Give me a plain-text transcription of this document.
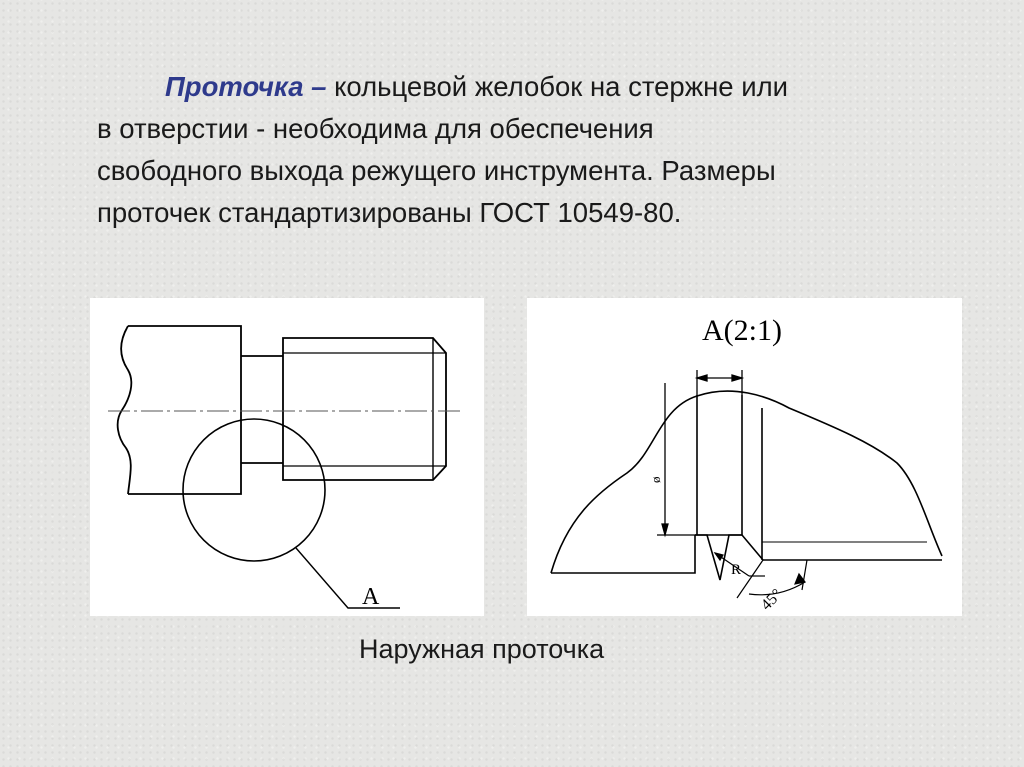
Проточка – кольцевой желобок на стержне или
в отверстии - необходима для обеспечения
свободного выхода режущего инструмента. Размеры
проточек стандартизированы ГОСТ 10549-80.

A
A(2:1)
ø
R
45°
Наружная проточка
